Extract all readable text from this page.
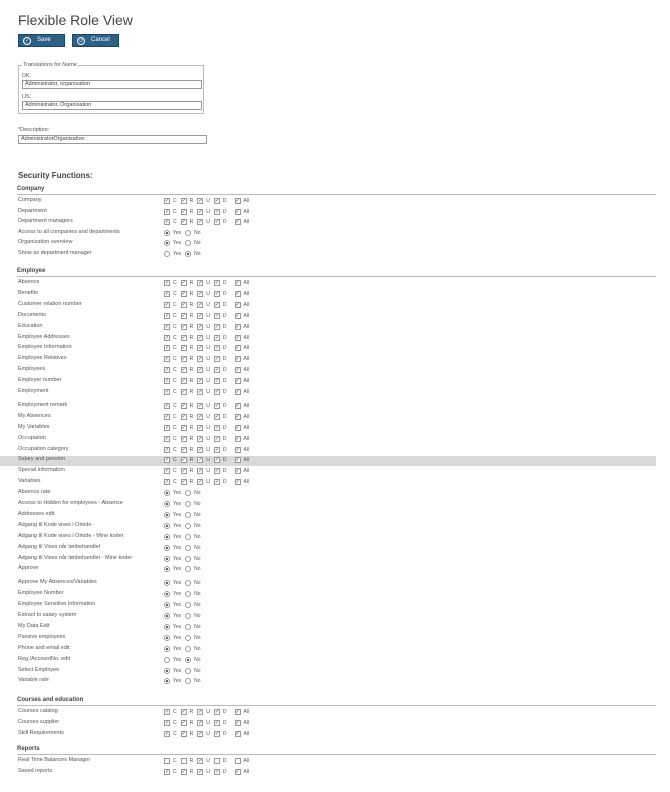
Flexible Role View
✓	Save	↺	Cancel
Translations for Name
DK:
Administrator, organisation
US:
Administrator, Organisation
*Description:
AdministratorOrganisation
Security Functions:
Company
Company ✓	C ✓	R ✓	U ✓	D ✓	All
Department ✓	C ✓	R ✓	U ✓	D ✓	All
Department managers ✓	C ✓	R ✓	U ✓	D ✓	All
Access to all companies and departments	Yes	No
Organization overview	Yes	No
Show as department manager	Yes	No
Employee
Absence ✓	C ✓	R ✓	U ✓	D ✓	All
Benefits ✓	C ✓	R ✓	U ✓	D ✓	All
Customer relation number ✓	C ✓	R ✓	U ✓	D ✓	All
Documents ✓	C ✓	R ✓	U ✓	D ✓	All
Education ✓	C ✓	R ✓	U ✓	D ✓	All
Employee Addresses ✓	C ✓	R ✓	U ✓	D ✓	All
Employee Information ✓	C ✓	R ✓	U ✓	D ✓	All
Employee Relatives ✓	C ✓	R ✓	U ✓	D ✓	All
Employees ✓	C ✓	R ✓	U ✓	D ✓	All
Employer number ✓	C ✓	R ✓	U ✓	D ✓	All
Employment ✓	C ✓	R ✓	U ✓	D ✓	All
Employment remark ✓	C ✓	R ✓	U ✓	D ✓	All
My Absences ✓	C ✓	R ✓	U ✓	D ✓	All
My Variables ✓	C ✓	R ✓	U ✓	D ✓	All
Occupation ✓	C ✓	R ✓	U ✓	D ✓	All
Occupation category ✓	C ✓	R ✓	U ✓	D ✓	All
Salary and pension ✓	C ✓	R ✓	U ✓	D ✓	All
Special information ✓	C ✓	R ✓	U ✓	D ✓	All
Variables ✓	C ✓	R ✓	U ✓	D ✓	All
Absence rate	Yes	No
Access to Hidden for employees - Absence	Yes	No
Addresses edit	Yes	No
Adgang til Kode vises i Orkide	Yes	No
Adgang til Kode vises i Orkide - Mine koder	Yes	No
Adgang til Vises når lønbehandlet	Yes	No
Adgang til Vises når lønbehandlet - Mine koder	Yes	No
Approve	Yes	No
Approve My Absences/Variables	Yes	No
Employee Number	Yes	No
Employee Sensitive Information	Yes	No
Extract to salary system	Yes	No
My Data Edit	Yes	No
Passive employees	Yes	No
Phone and email edit	Yes	No
Reg./AccountNo. edit	Yes	No
Select Employee	Yes	No
Variable rate	Yes	No
Courses and education
Courses catalog ✓	C ✓	R ✓	U ✓	D ✓	All
Courses supplier ✓	C ✓	R ✓	U ✓	D ✓	All
Skill Requirements ✓	C ✓	R ✓	U ✓	D ✓	All
Reports
Real Time Balances Manager	C	R ✓	U	D	All
Saved reports ✓	C ✓	R ✓	U ✓	D ✓	All
